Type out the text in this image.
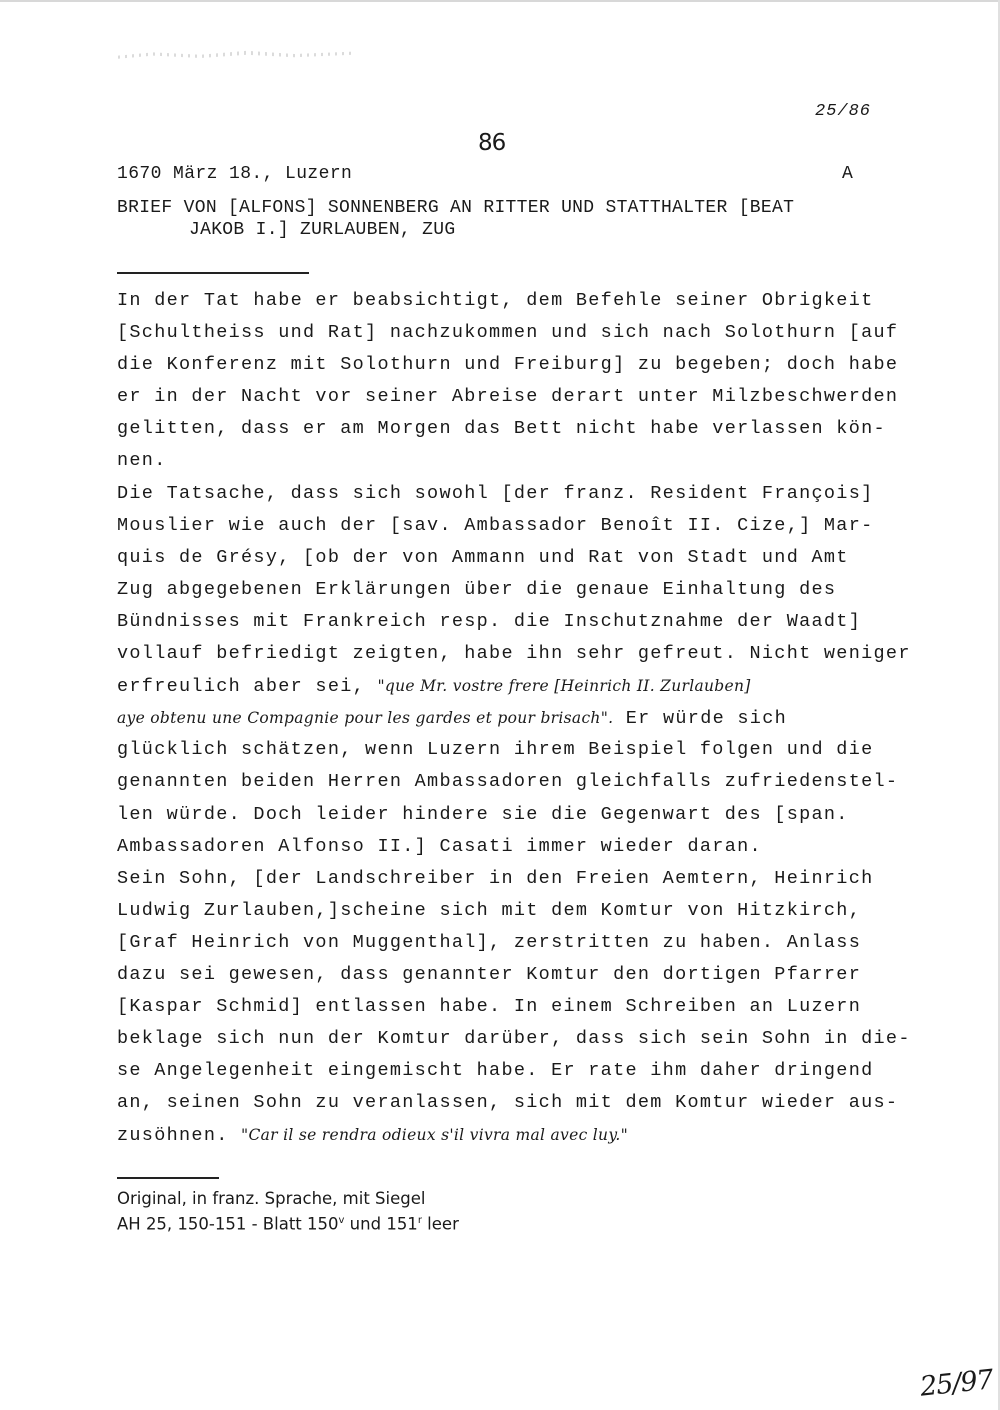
25/86
86
1670 März 18., Luzern	A
BRIEF VON [ALFONS] SONNENBERG AN RITTER UND STATTHALTER [BEAT
JAKOB I.] ZURLAUBEN, ZUG
In der Tat habe er beabsichtigt, dem Befehle seiner Obrigkeit
[Schultheiss und Rat] nachzukommen und sich nach Solothurn [auf
die Konferenz mit Solothurn und Freiburg] zu begeben; doch habe
er in der Nacht vor seiner Abreise derart unter Milzbeschwerden
gelitten, dass er am Morgen das Bett nicht habe verlassen kön-
nen.
Die Tatsache, dass sich sowohl [der franz. Resident François]
Mouslier wie auch der [sav. Ambassador Benoît II. Cize,] Mar-
quis de Grésy, [ob der von Ammann und Rat von Stadt und Amt
Zug abgegebenen Erklärungen über die genaue Einhaltung des
Bündnisses mit Frankreich resp. die Inschutznahme der Waadt]
vollauf befriedigt zeigten, habe ihn sehr gefreut. Nicht weniger
erfreulich aber sei, "que Mr. vostre frere [Heinrich II. Zurlauben]
aye obtenu une Compagnie pour les gardes et pour brisach". Er würde sich
glücklich schätzen, wenn Luzern ihrem Beispiel folgen und die
genannten beiden Herren Ambassadoren gleichfalls zufriedenstel-
len würde. Doch leider hindere sie die Gegenwart des [span.
Ambassadoren Alfonso II.] Casati immer wieder daran.
Sein Sohn, [der Landschreiber in den Freien Aemtern, Heinrich
Ludwig Zurlauben,]scheine sich mit dem Komtur von Hitzkirch,
[Graf Heinrich von Muggenthal], zerstritten zu haben. Anlass
dazu sei gewesen, dass genannter Komtur den dortigen Pfarrer
[Kaspar Schmid] entlassen habe. In einem Schreiben an Luzern
beklage sich nun der Komtur darüber, dass sich sein Sohn in die-
se Angelegenheit eingemischt habe. Er rate ihm daher dringend
an, seinen Sohn zu veranlassen, sich mit dem Komtur wieder aus-
zusöhnen. "Car il se rendra odieux s'il vivra mal avec luy."
Original, in franz. Sprache, mit Siegel
AH 25, 150-151 - Blatt 150$^v$ und 151$^r$ leer
25/97
